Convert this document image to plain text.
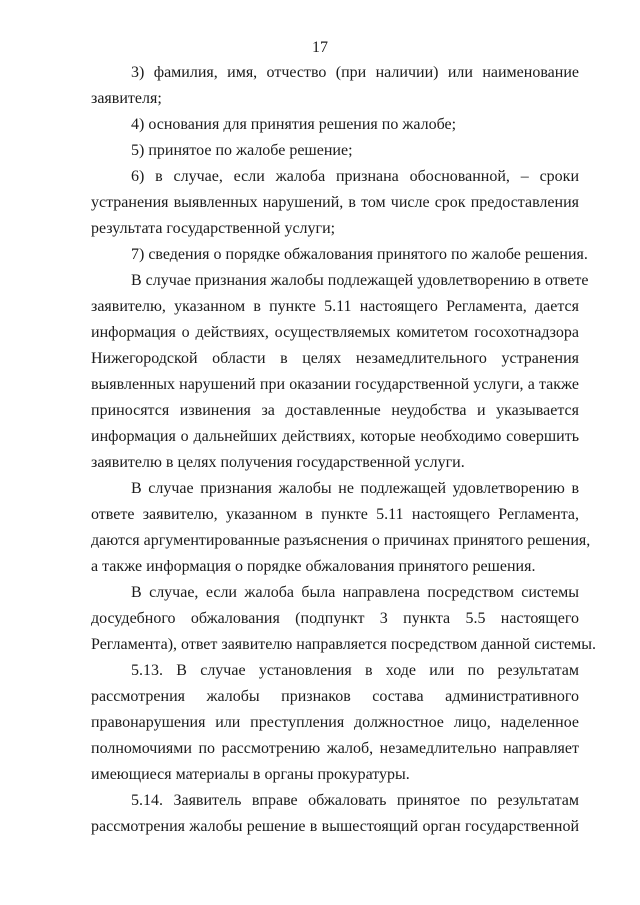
17
3) фамилия, имя, отчество (при наличии) или наименование
заявителя;
4) основания для принятия решения по жалобе;
5) принятое по жалобе решение;
6) в случае, если жалоба признана обоснованной, – сроки
устранения выявленных нарушений, в том числе срок предоставления
результата государственной услуги;
7) сведения о порядке обжалования принятого по жалобе решения.
В случае признания жалобы подлежащей удовлетворению в ответе
заявителю, указанном в пункте 5.11 настоящего Регламента, дается
информация о действиях, осуществляемых комитетом госохотнадзора
Нижегородской области в целях незамедлительного устранения
выявленных нарушений при оказании государственной услуги, а также
приносятся извинения за доставленные неудобства и указывается
информация о дальнейших действиях, которые необходимо совершить
заявителю в целях получения государственной услуги.
В случае признания жалобы не подлежащей удовлетворению в
ответе заявителю, указанном в пункте 5.11 настоящего Регламента,
даются аргументированные разъяснения о причинах принятого решения,
а также информация о порядке обжалования принятого решения.
В случае, если жалоба была направлена посредством системы
досудебного обжалования (подпункт 3 пункта 5.5 настоящего
Регламента), ответ заявителю направляется посредством данной системы.
5.13. В случае установления в ходе или по результатам
рассмотрения жалобы признаков состава административного
правонарушения или преступления должностное лицо, наделенное
полномочиями по рассмотрению жалоб, незамедлительно направляет
имеющиеся материалы в органы прокуратуры.
5.14. Заявитель вправе обжаловать принятое по результатам
рассмотрения жалобы решение в вышестоящий орган государственной
